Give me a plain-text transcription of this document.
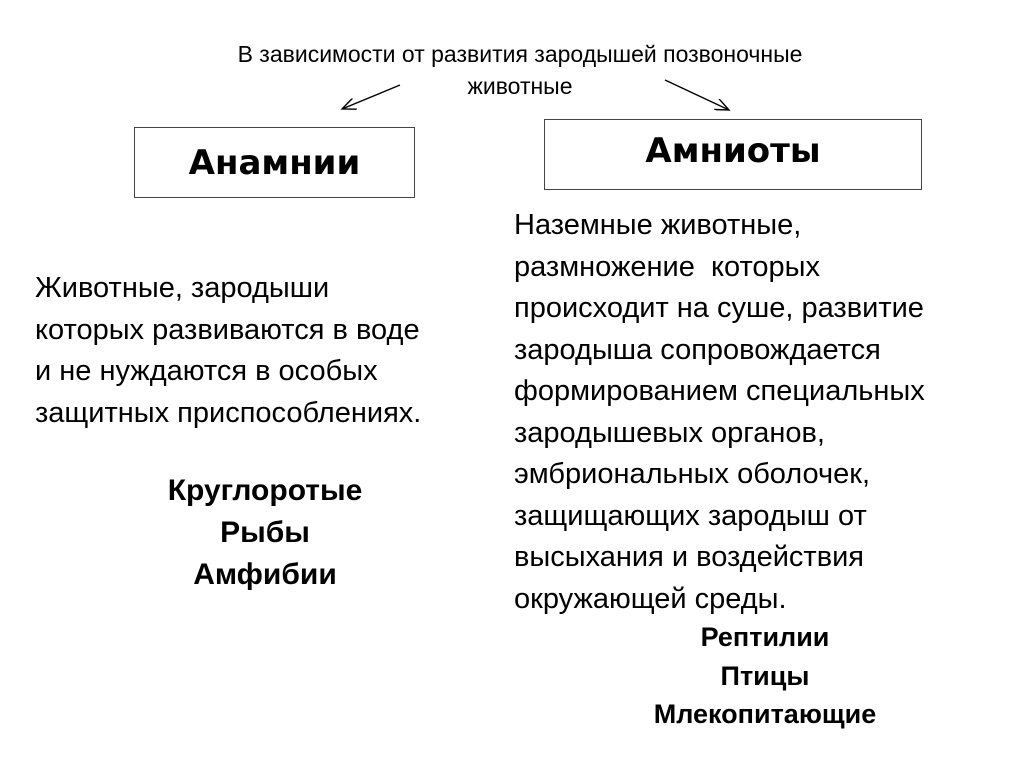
В зависимости от развития зародышей позвоночные
животные
Анамнии	Амниоты
Животные, зародыши
которых развиваются в воде
и не нуждаются в особых
защитных приспособлениях.
Круглоротые
Рыбы
Амфибии
Наземные животные,
размножение  которых
происходит на суше, развитие
зародыша сопровождается
формированием специальных
зародышевых органов,
эмбриональных оболочек,
защищающих зародыш от
высыхания и воздействия
окружающей среды.
Рептилии
Птицы
Млекопитающие
